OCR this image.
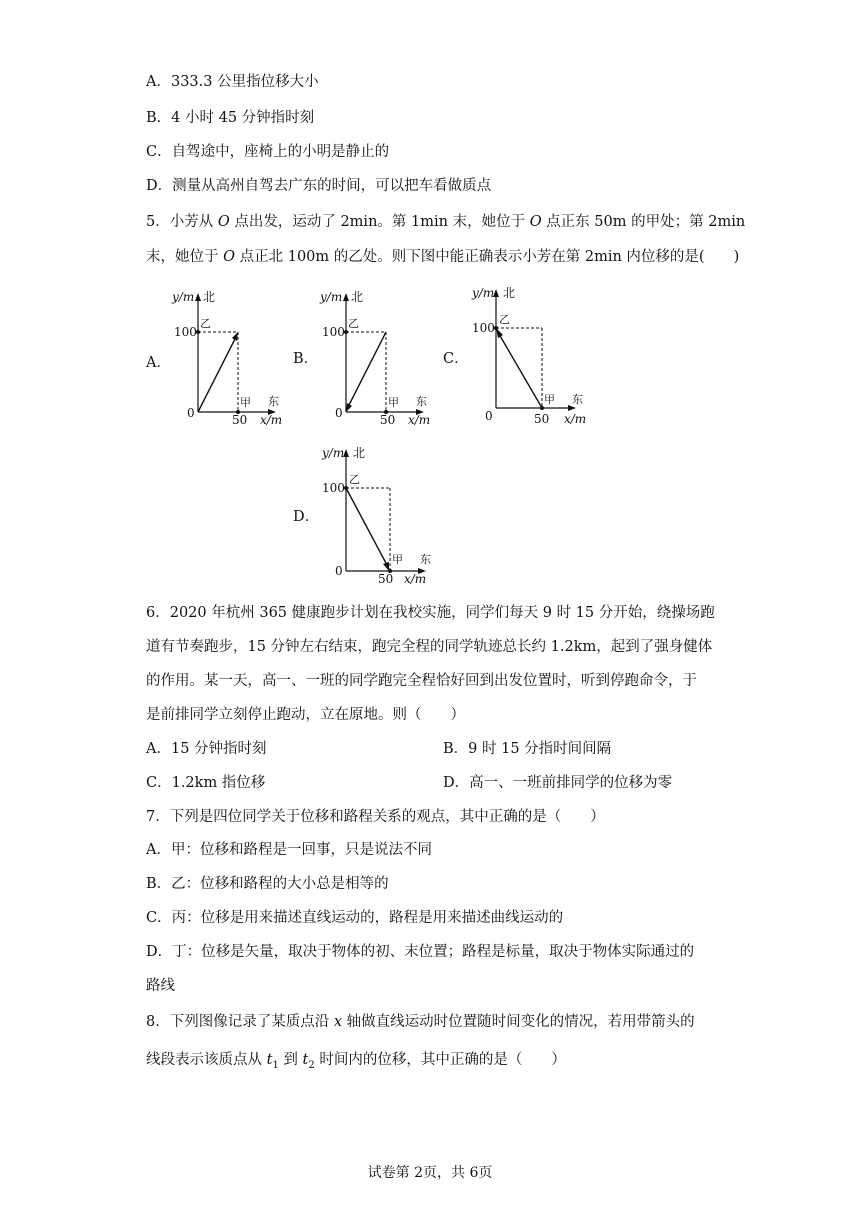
A．333.3 公里指位移大小
B．4 小时 45 分钟指时刻
C．自驾途中，座椅上的小明是静止的
D．测量从高州自驾去广东的时间，可以把车看做质点
5．小芳从 O 点出发，运动了 2min。第 1min 末，她位于 O 点正东 50m 的甲处；第 2min
末，她位于 O 点正北 100m 的乙处。则下图中能正确表示小芳在第 2min 内位移的是(　　)
A．	B．	C．
D．
y/m 北
乙
100
0
甲 东
50 x/m
y/m 北
乙
100
0
甲 东
50 x/m
y/m 北
乙
100
0
甲 东
50 x/m
y/m 北
乙
100
0
甲 东
50 x/m
6．2020 年杭州 365 健康跑步计划在我校实施，同学们每天 9 时 15 分开始，绕操场跑
道有节奏跑步，15 分钟左右结束，跑完全程的同学轨迹总长约 1.2km，起到了强身健体
的作用。某一天，高一、一班的同学跑完全程恰好回到出发位置时，听到停跑命令，于
是前排同学立刻停止跑动，立在原地。则（　　）
A．15 分钟指时刻	B．9 时 15 分指时间间隔
C．1.2km 指位移	D．高一、一班前排同学的位移为零
7．下列是四位同学关于位移和路程关系的观点，其中正确的是（　　）
A．甲：位移和路程是一回事，只是说法不同
B．乙：位移和路程的大小总是相等的
C．丙：位移是用来描述直线运动的，路程是用来描述曲线运动的
D．丁：位移是矢量，取决于物体的初、末位置；路程是标量，取决于物体实际通过的
路线
8．下列图像记录了某质点沿 x 轴做直线运动时位置随时间变化的情况，若用带箭头的
线段表示该质点从 $t_1$ 到 $t_2$ 时间内的位移，其中正确的是（　　）
试卷第 2页，共 6页
